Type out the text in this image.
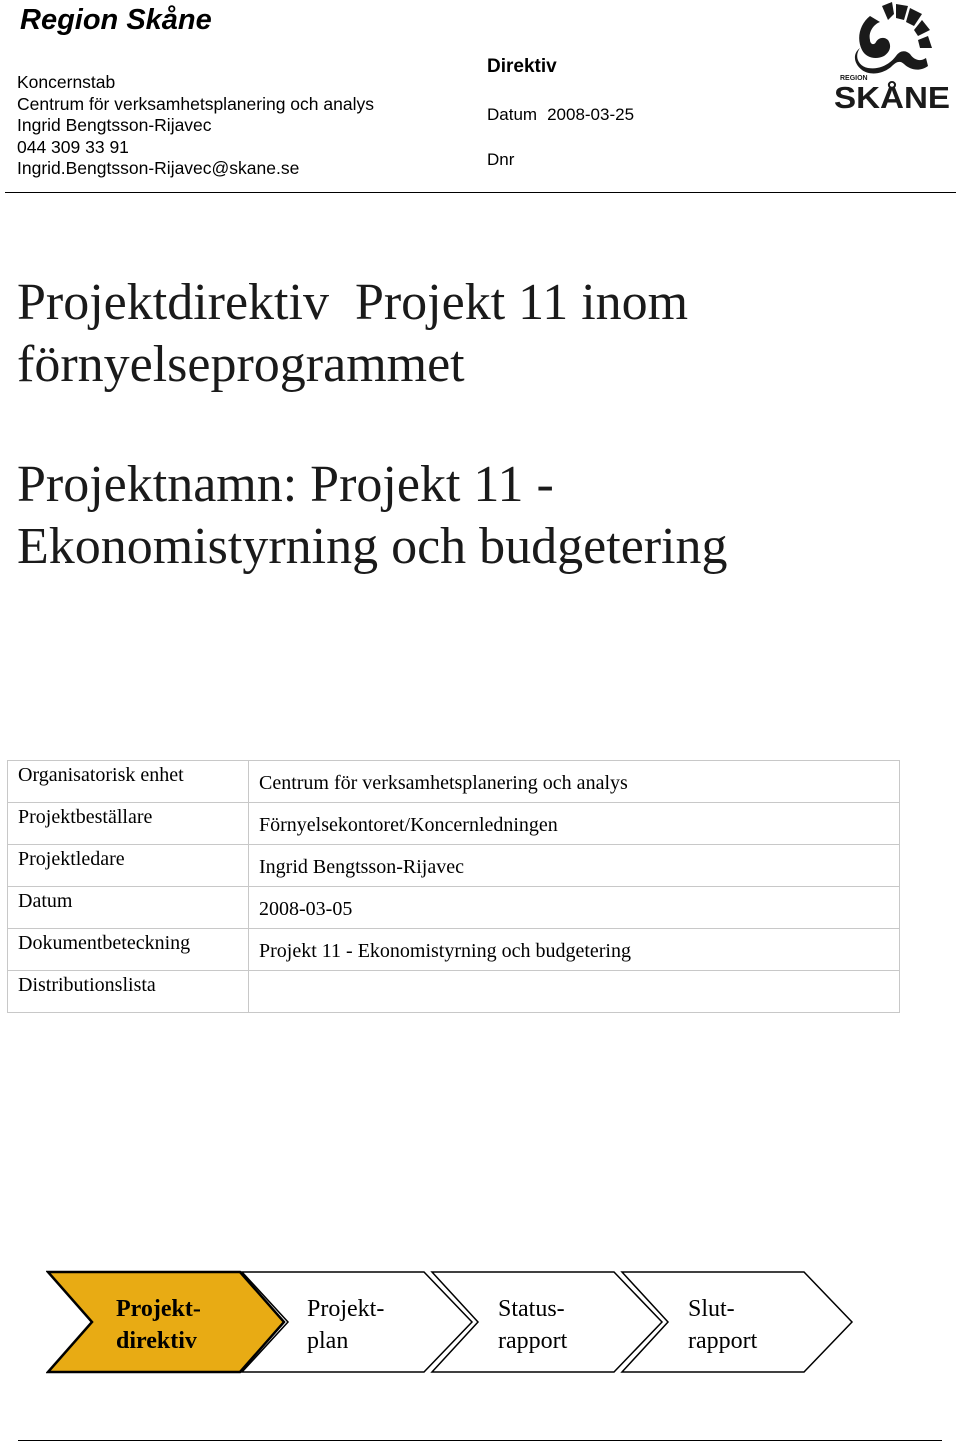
Region Skåne
Koncernstab
Centrum för verksamhetsplanering och analys
Ingrid Bengtsson-Rijavec
044 309 33 91
Ingrid.Bengtsson-Rijavec@skane.se
Direktiv
Datum 2008-03-25
Dnr
REGION
SKÅNE
Projektdirektiv  Projekt 11 inom förnyelseprogrammet
Projektnamn: Projekt 11 - Ekonomistyrning och budgetering
Organisatorisk enhet	Centrum för verksamhetsplanering och analys
Projektbeställare	Förnyelsekontoret/Koncernledningen
Projektledare	Ingrid Bengtsson-Rijavec
Datum	2008-03-05
Dokumentbeteckning	Projekt 11 - Ekonomistyrning och budgetering
Distributionslista	
Projekt-
direktiv
Projekt-
plan
Status-
rapport
Slut-
rapport
